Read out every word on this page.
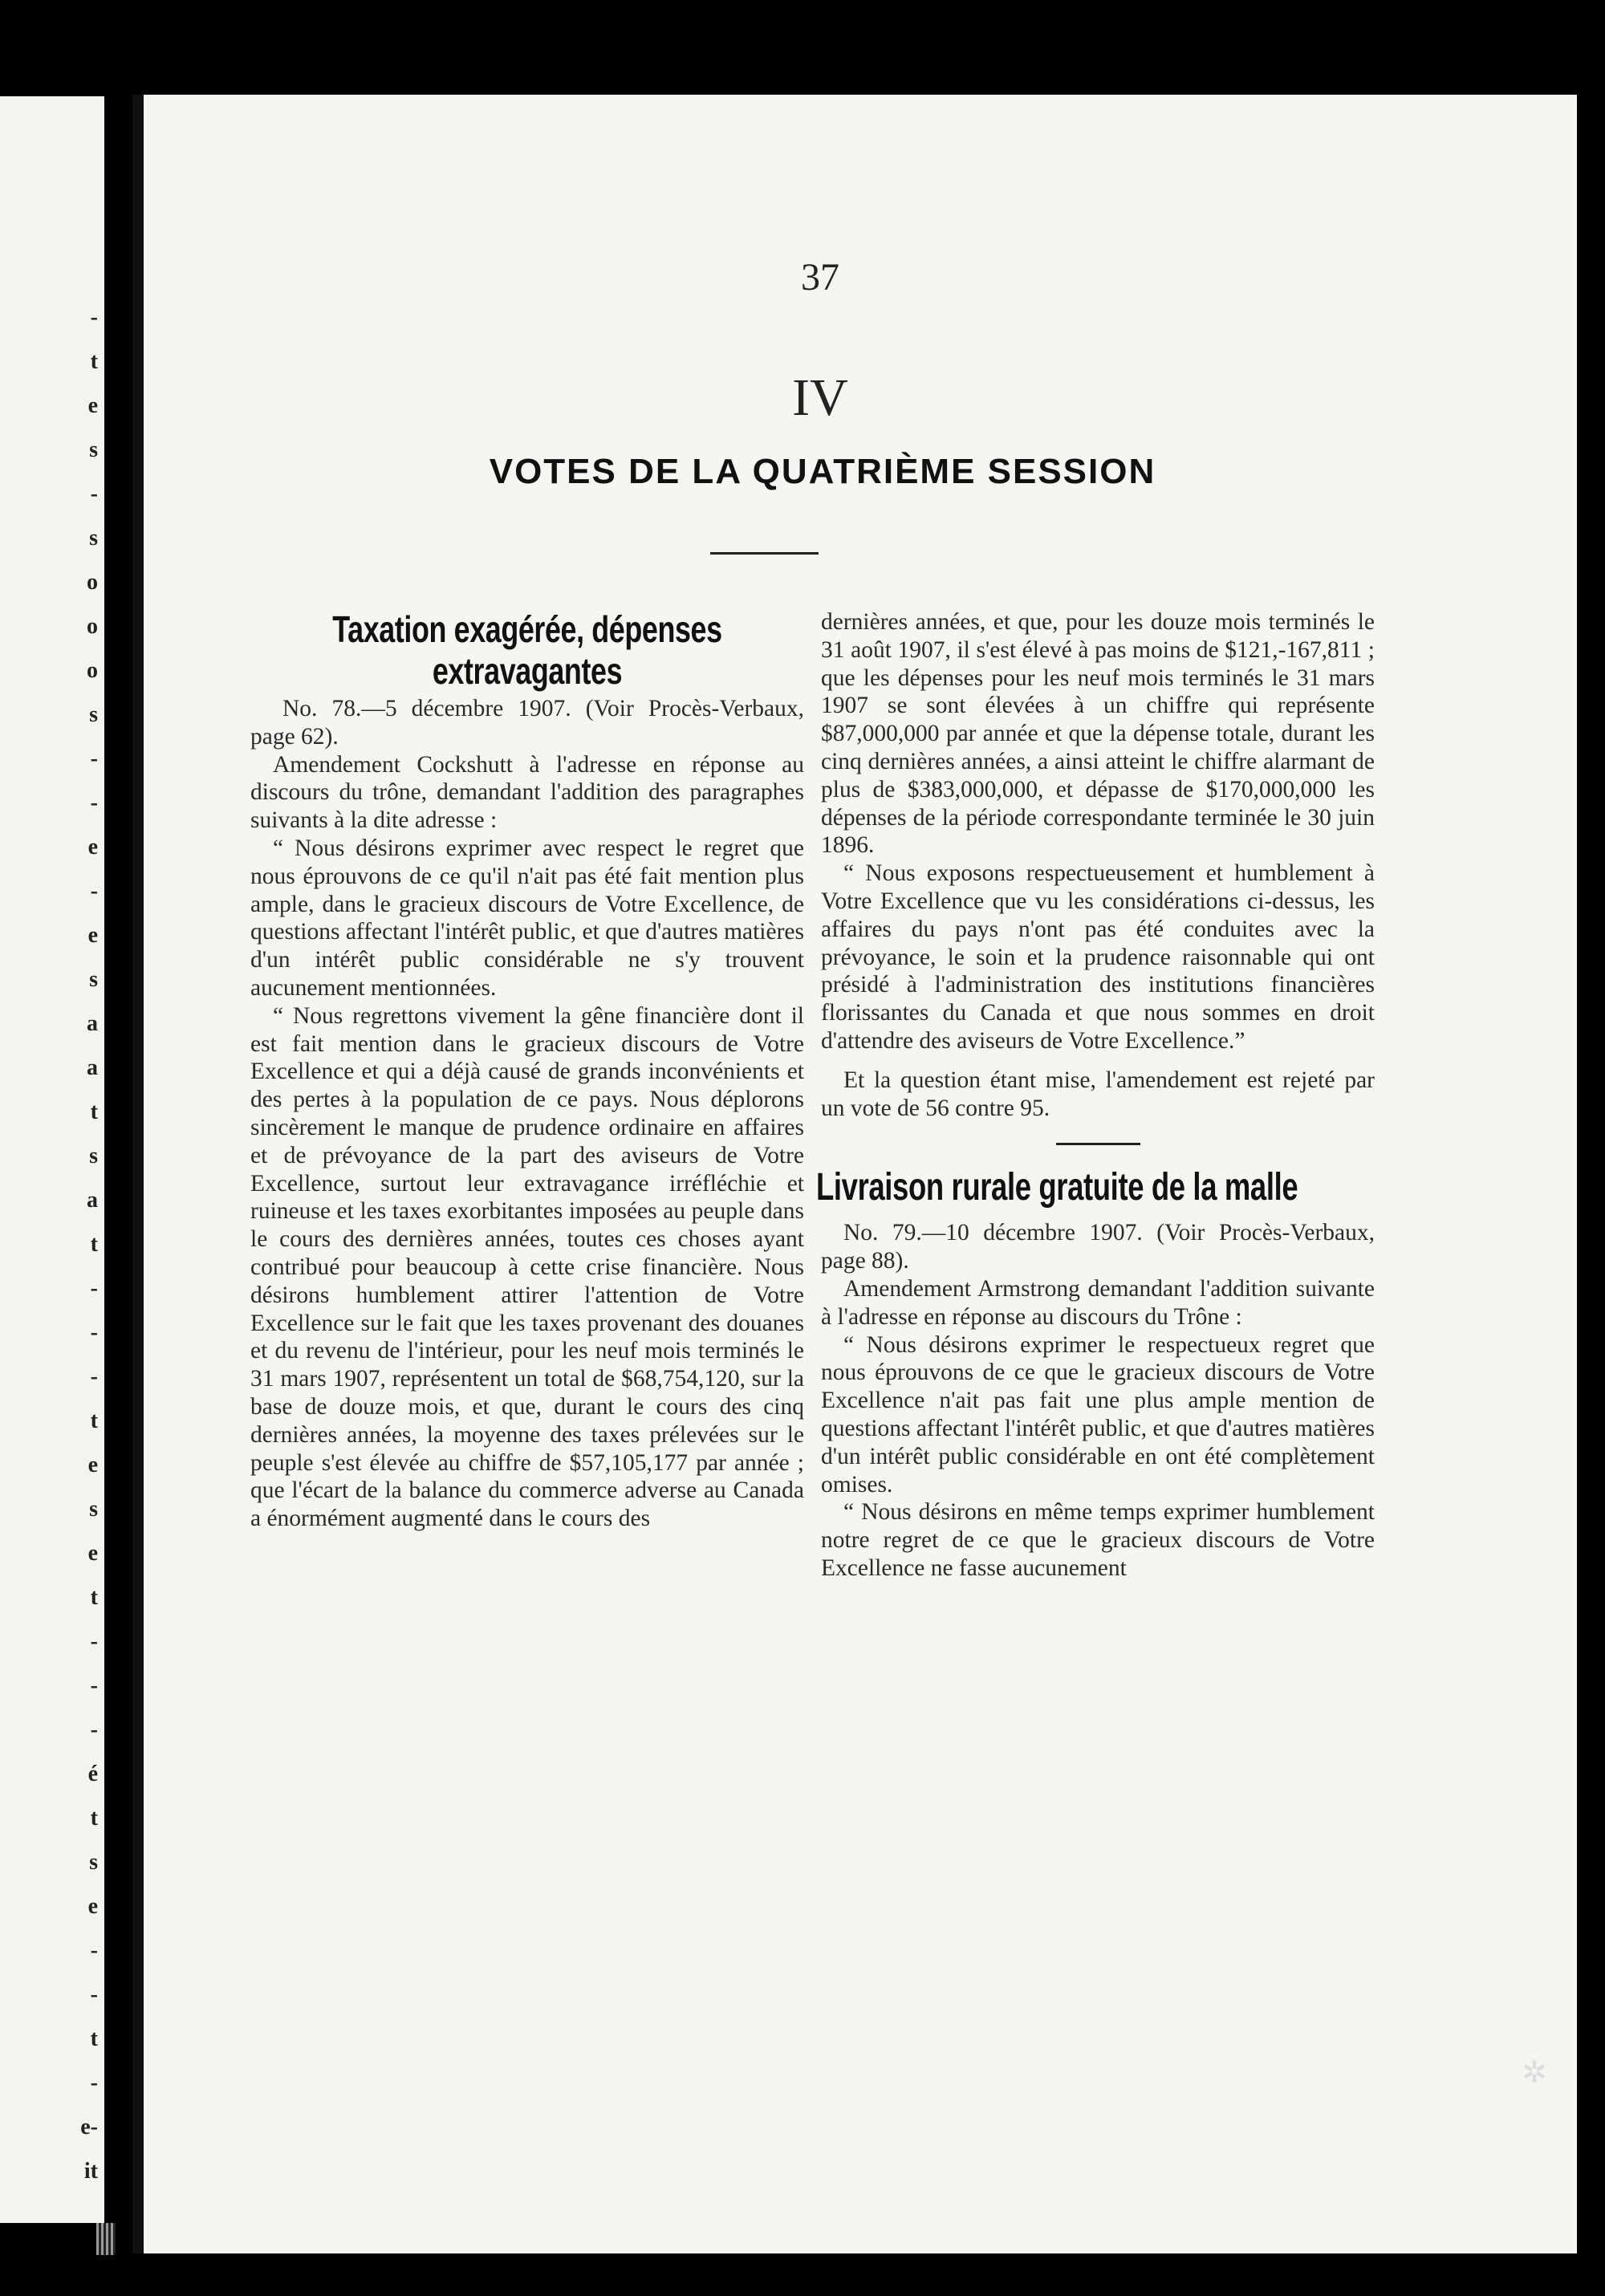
-
t
e
s
-
s
o
o
o
s
-
-
e
-
e
s
a
a
t
s
a
t
-
-
-
t
e
s
e
t
-
-
-
é
t
s
e
-
-
t
-
e-
it
37
IV
VOTES DE LA QUATRIÈME SESSION
Taxation exagérée, dépenses extravagantes

No. 78.—5 décembre 1907. (Voir Procès-Verbaux, page 62).

Amendement Cockshutt à l'adresse en réponse au discours du trône, demandant l'addition des paragraphes suivants à la dite adresse :

“ Nous désirons exprimer avec respect le regret que nous éprouvons de ce qu'il n'ait pas été fait mention plus ample, dans le gracieux discours de Votre Excellence, de questions affectant l'intérêt public, et que d'autres matières d'un intérêt public considérable ne s'y trouvent aucunement mentionnées.

“ Nous regrettons vivement la gêne financière dont il est fait mention dans le gracieux discours de Votre Excellence et qui a déjà causé de grands inconvénients et des pertes à la population de ce pays. Nous déplorons sincèrement le manque de prudence ordinaire en affaires et de prévoyance de la part des aviseurs de Votre Excellence, surtout leur extravagance irréfléchie et ruineuse et les taxes exorbitantes imposées au peuple dans le cours des dernières années, toutes ces choses ayant contribué pour beaucoup à cette crise financière. Nous désirons humblement attirer l'attention de Votre Excellence sur le fait que les taxes provenant des douanes et du revenu de l'intérieur, pour les neuf mois terminés le 31 mars 1907, représentent un total de $68,754,120, sur la base de douze mois, et que, durant le cours des cinq dernières années, la moyenne des taxes prélevées sur le peuple s'est élevée au chiffre de $57,105,177 par année ; que l'écart de la balance du commerce adverse au Canada a énormément augmenté dans le cours des

dernières années, et que, pour les douze mois terminés le 31 août 1907, il s'est élevé à pas moins de $121,-167,811 ; que les dépenses pour les neuf mois terminés le 31 mars 1907 se sont élevées à un chiffre qui représente $87,000,000 par année et que la dépense totale, durant les cinq dernières années, a ainsi atteint le chiffre alarmant de plus de $383,000,000, et dépasse de $170,000,000 les dépenses de la période correspondante terminée le 30 juin 1896.

“ Nous exposons respectueusement et humblement à Votre Excellence que vu les considérations ci-dessus, les affaires du pays n'ont pas été conduites avec la prévoyance, le soin et la prudence raisonnable qui ont présidé à l'administration des institutions financières florissantes du Canada et que nous sommes en droit d'attendre des aviseurs de Votre Excellence.”

Et la question étant mise, l'amendement est rejeté par un vote de 56 contre 95.

Livraison rurale gratuite de la malle

No. 79.—10 décembre 1907. (Voir Procès-Verbaux, page 88).

Amendement Armstrong demandant l'addition suivante à l'adresse en réponse au discours du Trône :

“ Nous désirons exprimer le respectueux regret que nous éprouvons de ce que le gracieux discours de Votre Excellence n'ait pas fait une plus ample mention de questions affectant l'intérêt public, et que d'autres matières d'un intérêt public considérable en ont été complètement omises.

“ Nous désirons en même temps exprimer humblement notre regret de ce que le gracieux discours de Votre Excellence ne fasse aucunement

✲
